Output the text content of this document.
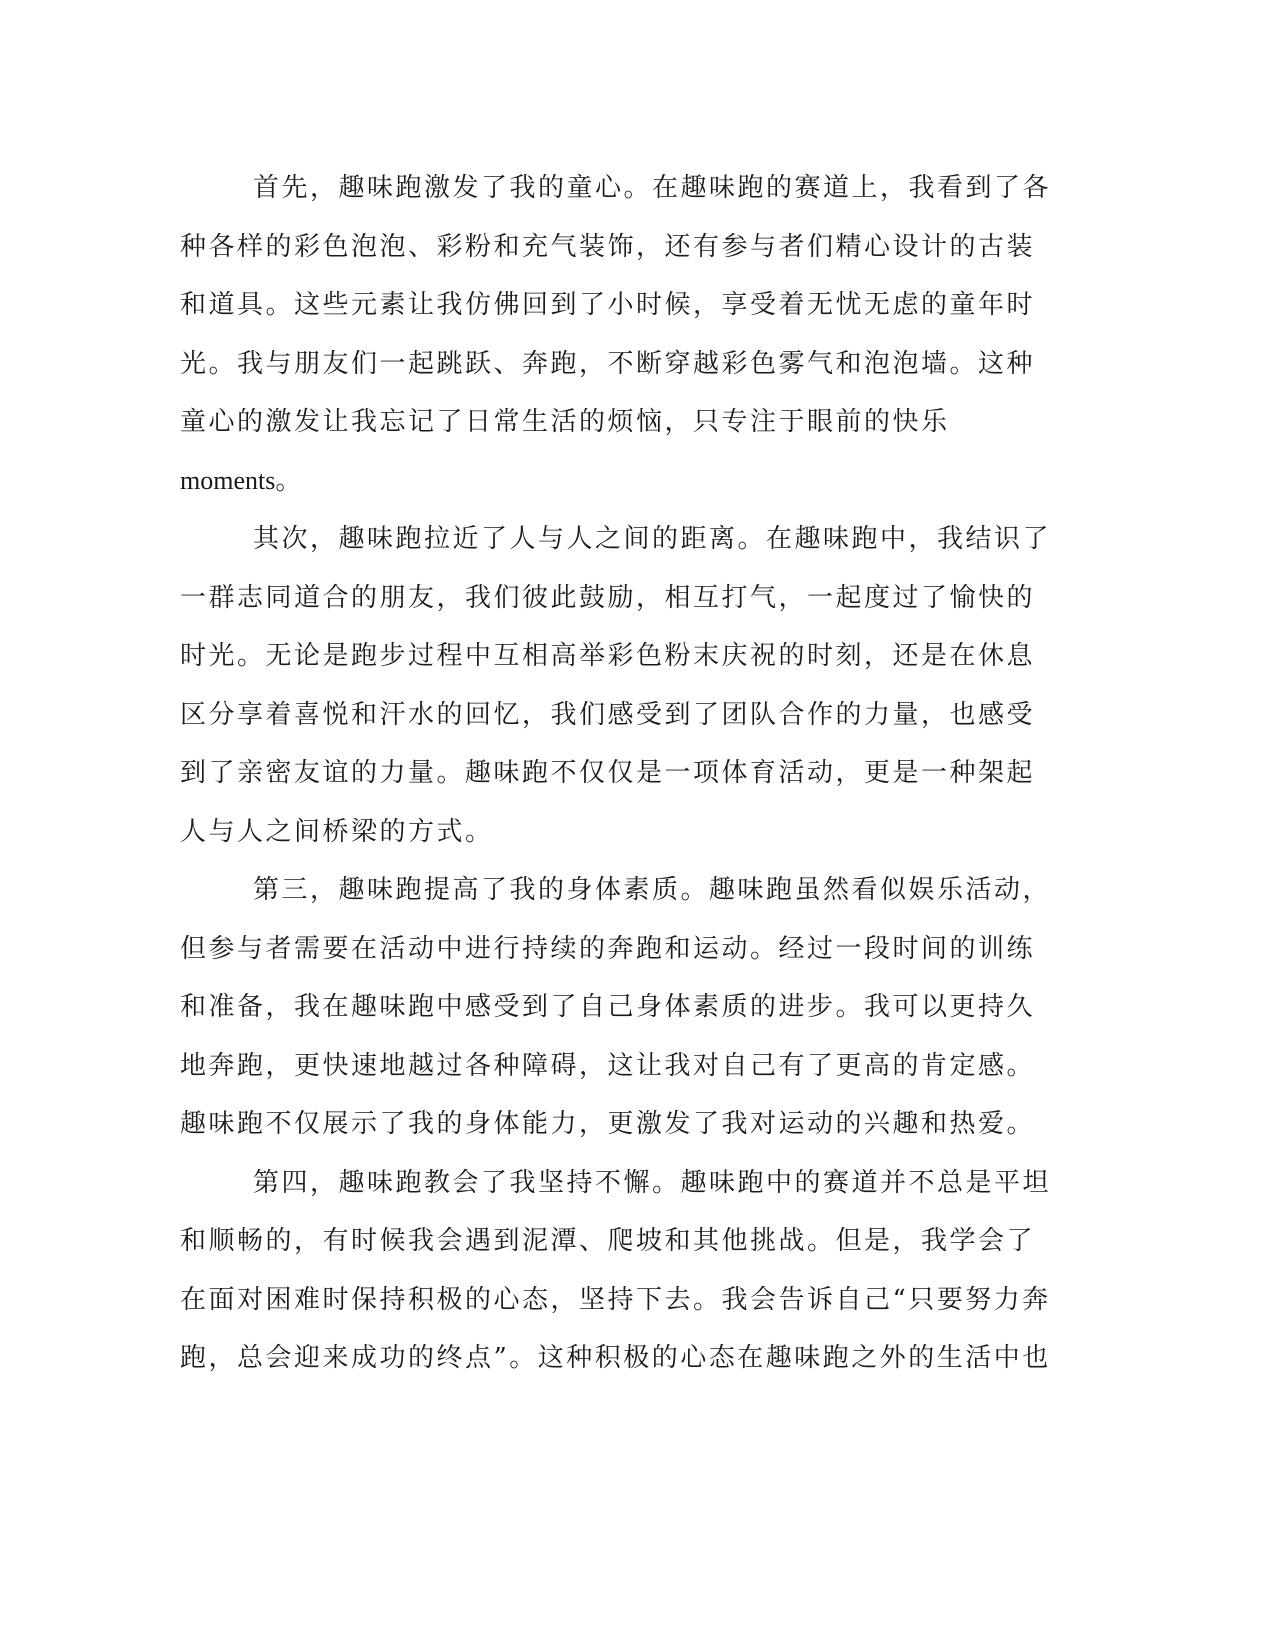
首先，趣味跑激发了我的童心。在趣味跑的赛道上，我看到了各
种各样的彩色泡泡、彩粉和充气装饰，还有参与者们精心设计的古装
和道具。这些元素让我仿佛回到了小时候，享受着无忧无虑的童年时
光。我与朋友们一起跳跃、奔跑，不断穿越彩色雾气和泡泡墙。这种
童心的激发让我忘记了日常生活的烦恼，只专注于眼前的快乐
moments。
其次，趣味跑拉近了人与人之间的距离。在趣味跑中，我结识了
一群志同道合的朋友，我们彼此鼓励，相互打气，一起度过了愉快的
时光。无论是跑步过程中互相高举彩色粉末庆祝的时刻，还是在休息
区分享着喜悦和汗水的回忆，我们感受到了团队合作的力量，也感受
到了亲密友谊的力量。趣味跑不仅仅是一项体育活动，更是一种架起
人与人之间桥梁的方式。
第三，趣味跑提高了我的身体素质。趣味跑虽然看似娱乐活动，
但参与者需要在活动中进行持续的奔跑和运动。经过一段时间的训练
和准备，我在趣味跑中感受到了自己身体素质的进步。我可以更持久
地奔跑，更快速地越过各种障碍，这让我对自己有了更高的肯定感。
趣味跑不仅展示了我的身体能力，更激发了我对运动的兴趣和热爱。
第四，趣味跑教会了我坚持不懈。趣味跑中的赛道并不总是平坦
和顺畅的，有时候我会遇到泥潭、爬坡和其他挑战。但是，我学会了
在面对困难时保持积极的心态，坚持下去。我会告诉自己“只要努力奔
跑，总会迎来成功的终点”。这种积极的心态在趣味跑之外的生活中也
